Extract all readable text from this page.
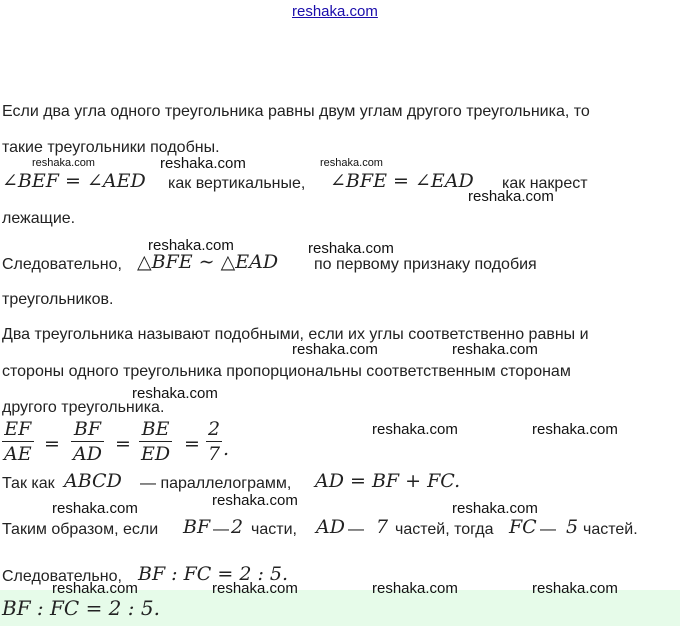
reshaka.com
Если два угла одного треугольника равны двум углам другого треугольника, то
такие треугольники подобны.
∠BEF = ∠AED как вертикальные, ∠BFE = ∠EAD как накрест
лежащие.
Следовательно, △BFE ∼ △EAD по первому признаку подобия
треугольников.
Два треугольника называют подобными, если их углы соответственно равны и
стороны одного треугольника пропорциональны соответственным сторонам
другого треугольника.
EF
AE =
BF
AD =
BE
ED =
2
7 .
Так как ABCD — параллелограмм, AD = BF + FC.
Таким образом, если BF — 2 части, AD — 7 частей, тогда FC — 5 частей.
Следовательно, BF : FC = 2 : 5.
BF : FC = 2 : 5.
reshaka.com	reshaka.com	reshaka.com
reshaka.com
reshaka.com	reshaka.com
reshaka.com	reshaka.com
reshaka.com
reshaka.com	reshaka.com
reshaka.com
reshaka.com	reshaka.com
reshaka.com	reshaka.com	reshaka.com	reshaka.com
